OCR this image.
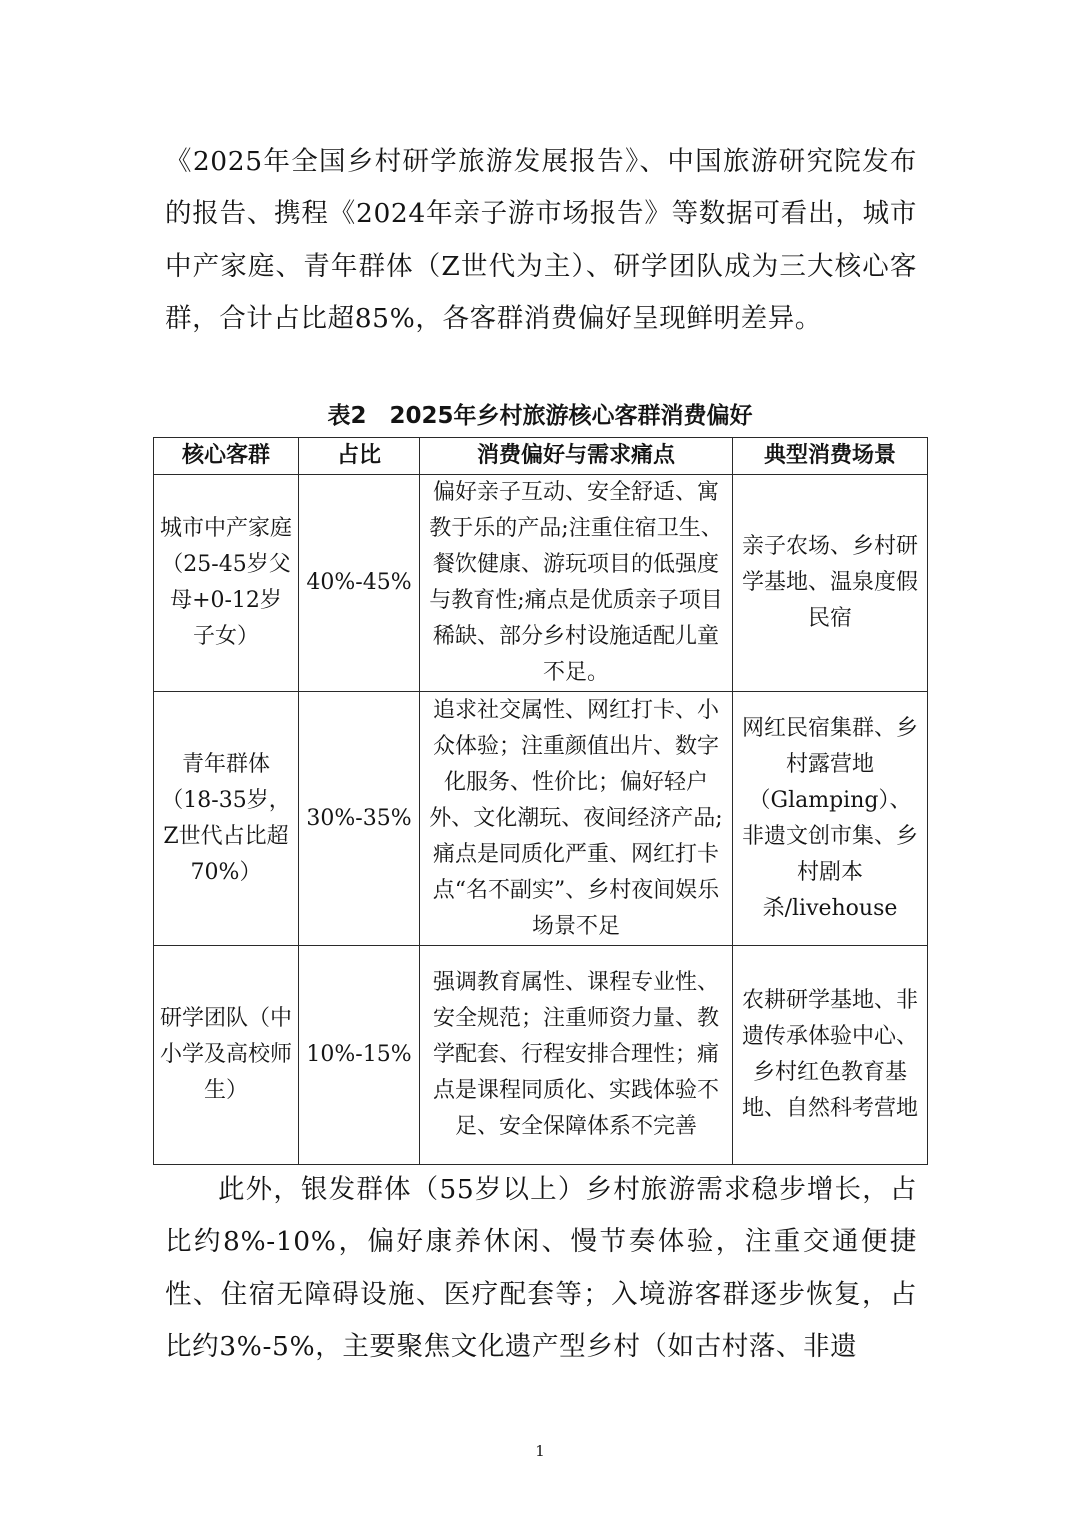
《2025年全国乡村研学旅游发展报告》、中国旅游研究院发布的报告、携程《2024年亲子游市场报告》等数据可看出，城市中产家庭、青年群体（Z世代为主）、研学团队成为三大核心客群，合计占比超85%，各客群消费偏好呈现鲜明差异。

表2　2025年乡村旅游核心客群消费偏好

核心客群	占比	消费偏好与需求痛点	典型消费场景
城市中产家庭（25-45岁父母+0-12岁子女）	40%-45%	偏好亲子互动、安全舒适、寓教于乐的产品;注重住宿卫生、餐饮健康、游玩项目的低强度与教育性;痛点是优质亲子项目稀缺、部分乡村设施适配儿童不足。	亲子农场、乡村研学基地、温泉度假民宿
青年群体（18-35岁，Z世代占比超70%）	30%-35%	追求社交属性、网红打卡、小众体验；注重颜值出片、数字化服务、性价比；偏好轻户外、文化潮玩、夜间经济产品;痛点是同质化严重、网红打卡点“名不副实”、乡村夜间娱乐场景不足	网红民宿集群、乡村露营地（Glamping）、非遗文创市集、乡村剧本杀/livehouse
研学团队（中小学及高校师生）	10%-15%	强调教育属性、课程专业性、安全规范；注重师资力量、教学配套、行程安排合理性；痛点是课程同质化、实践体验不足、安全保障体系不完善	农耕研学基地、非遗传承体验中心、乡村红色教育基地、自然科考营地

此外，银发群体（55岁以上）乡村旅游需求稳步增长，占比约8%-10%，偏好康养休闲、慢节奏体验，注重交通便捷性、住宿无障碍设施、医疗配套等；入境游客群逐步恢复，占比约3%-5%，主要聚焦文化遗产型乡村（如古村落、非遗

1
